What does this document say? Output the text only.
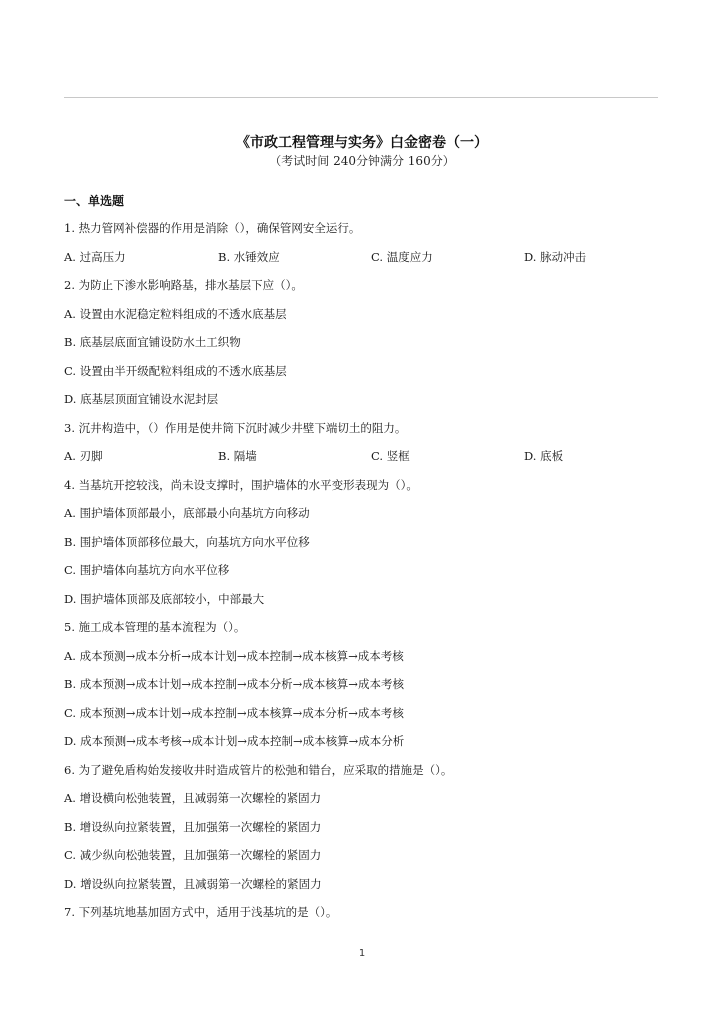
《市政工程管理与实务》白金密卷（一）
（考试时间 240分钟满分 160分）
一、单选题
1. 热力管网补偿器的作用是消除（），确保管网安全运行。
A. 过高压力	B. 水锤效应	C. 温度应力	D. 脉动冲击
2. 为防止下渗水影响路基，排水基层下应（）。
A. 设置由水泥稳定粒料组成的不透水底基层
B. 底基层底面宜铺设防水土工织物
C. 设置由半开级配粒料组成的不透水底基层
D. 底基层顶面宜铺设水泥封层
3. 沉井构造中，（）作用是使井筒下沉时减少井壁下端切土的阻力。
A. 刃脚	B. 隔墙	C. 竖框	D. 底板
4. 当基坑开挖较浅，尚未设支撑时，围护墙体的水平变形表现为（）。
A. 围护墙体顶部最小，底部最小向基坑方向移动
B. 围护墙体顶部移位最大，向基坑方向水平位移
C. 围护墙体向基坑方向水平位移
D. 围护墙体顶部及底部较小，中部最大
5. 施工成本管理的基本流程为（）。
A. 成本预测→成本分析→成本计划→成本控制→成本核算→成本考核
B. 成本预测→成本计划→成本控制→成本分析→成本核算→成本考核
C. 成本预测→成本计划→成本控制→成本核算→成本分析→成本考核
D. 成本预测→成本考核→成本计划→成本控制→成本核算→成本分析
6. 为了避免盾构始发接收井时造成管片的松弛和错台，应采取的措施是（）。
A. 增设横向松弛装置，且减弱第一次螺栓的紧固力
B. 增设纵向拉紧装置，且加强第一次螺栓的紧固力
C. 减少纵向松弛装置，且加强第一次螺栓的紧固力
D. 增设纵向拉紧装置，且减弱第一次螺栓的紧固力
7. 下列基坑地基加固方式中，适用于浅基坑的是（）。
1
